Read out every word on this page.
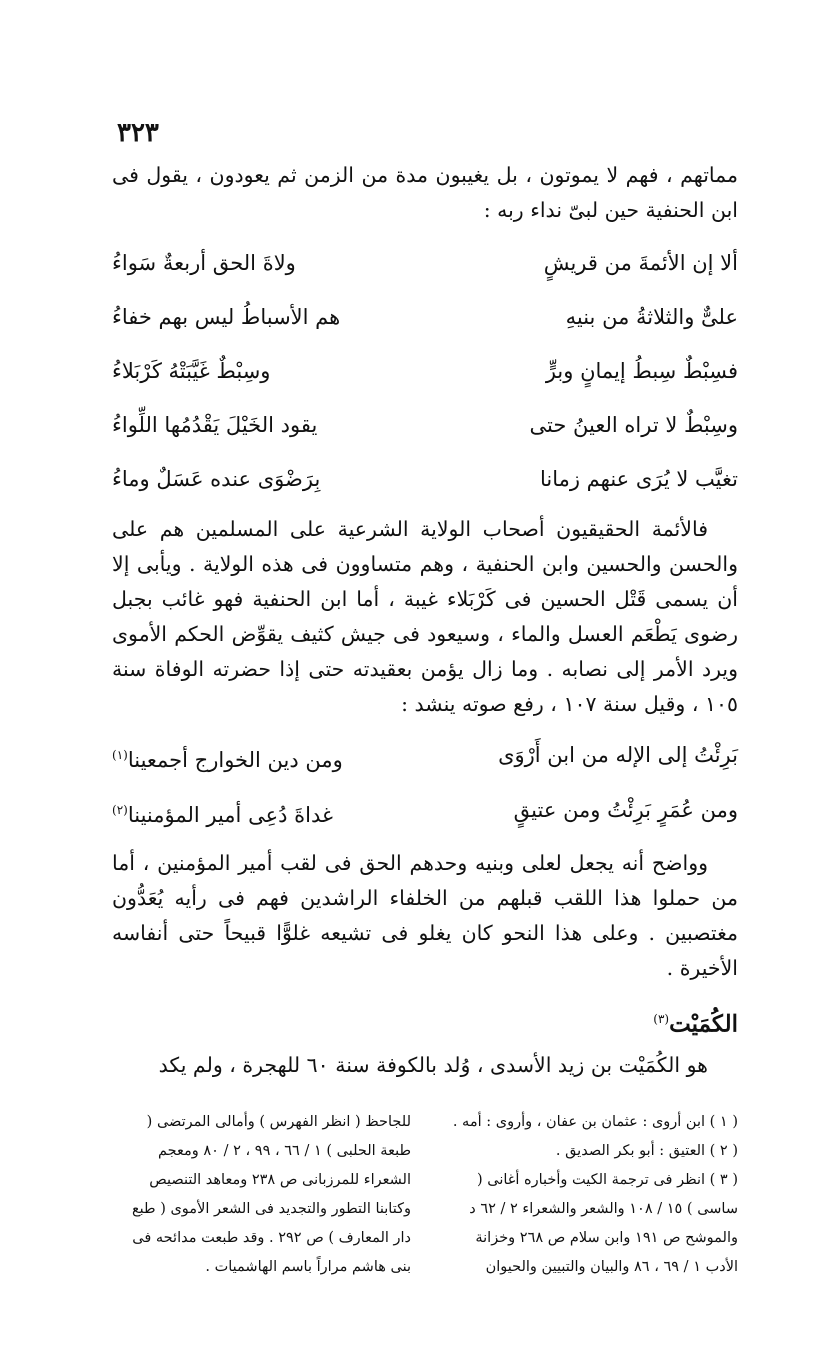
٣٢٣

مماتهم ، فهم لا يموتون ، بل يغيبون مدة من الزمن ثم يعودون ، يقول فى ابن الحنفية حين لبىّ نداء ربه :

ألا إن الأئمةَ من قريشٍ
ولاةَ الحق أربعةٌ سَواءُ
علىٌّ والثلاثةُ من بنيهِ
هم الأسباطُ ليس بهم خفاءُ
فسِبْطٌ سِبطُ إيمانٍ وبرٍّ
وسِبْطٌ غَيَّبَتْهُ كَرْبَلاءُ
وسِبْطٌ لا تراه العينُ حتى
يقود الخَيْلَ يَقْدُمُها اللِّواءُ
تغيَّب لا يُرَى عنهم زمانا
بِرَضْوَى عنده عَسَلٌ وماءُ

فالأئمة الحقيقيون أصحاب الولاية الشرعية على المسلمين هم على والحسن والحسين وابن الحنفية ، وهم متساوون فى هذه الولاية . ويأبى إلا أن يسمى قَتْل الحسين فى كَرْبَلاء غيبة ، أما ابن الحنفية فهو غائب بجبل رضوى يَطْعَم العسل والماء ، وسيعود فى جيش كثيف يقوِّض الحكم الأموى ويرد الأمر إلى نصابه . وما زال يؤمن بعقيدته حتى إذا حضرته الوفاة سنة ١٠٥ ، وقيل سنة ١٠٧ ، رفع صوته ينشد :

بَرِئْتُ إلى الإله من ابن أَرْوَى
ومن دين الخوارج أجمعينا$^{(١)}$
ومن عُمَرٍ بَرِئْتُ ومن عتيقٍ
غداةَ دُعِى أمير المؤمنينا$^{(٢)}$

وواضح أنه يجعل لعلى وبنيه وحدهم الحق فى لقب أمير المؤمنين ، أما من حملوا هذا اللقب قبلهم من الخلفاء الراشدين فهم فى رأيه يُعَدُّون مغتصبين . وعلى هذا النحو كان يغلو فى تشيعه غلوًّا قبيحاً حتى أنفاسه الأخيرة .

الكُمَيْت$^{(٣)}$

هو الكُمَيْت بن زيد الأسدى ، وُلد بالكوفة سنة ٦٠ للهجرة ، ولم يكد

( ١ ) ابن أروى : عثمان بن عفان ، وأروى : أمه .

( ٢ ) العتيق : أبو بكر الصديق .

( ٣ ) انظر فى ترجمة الكيت وأخباره أغانى ( ساسى ) ١٥ / ١٠٨ والشعر والشعراء ٢ / ٦٢ د والموشح ص ١٩١ وابن سلام ص ٢٦٨ وخزانة الأدب ١ / ٦٩ ، ٨٦ والبيان والتبيين والحيوان

للجاحظ ( انظر الفهرس ) وأمالى المرتضى ( طبعة الحلبى ) ١ / ٦٦ ، ٩٩ ، ٢ / ٨٠ ومعجم الشعراء للمرزبانى ص ٢٣٨ ومعاهد التنصيص وكتابنا التطور والتجديد فى الشعر الأموى ( طبع دار المعارف ) ص ٢٩٢ . وقد طبعت مدائحه فى بنى هاشم مراراً باسم الهاشميات .
